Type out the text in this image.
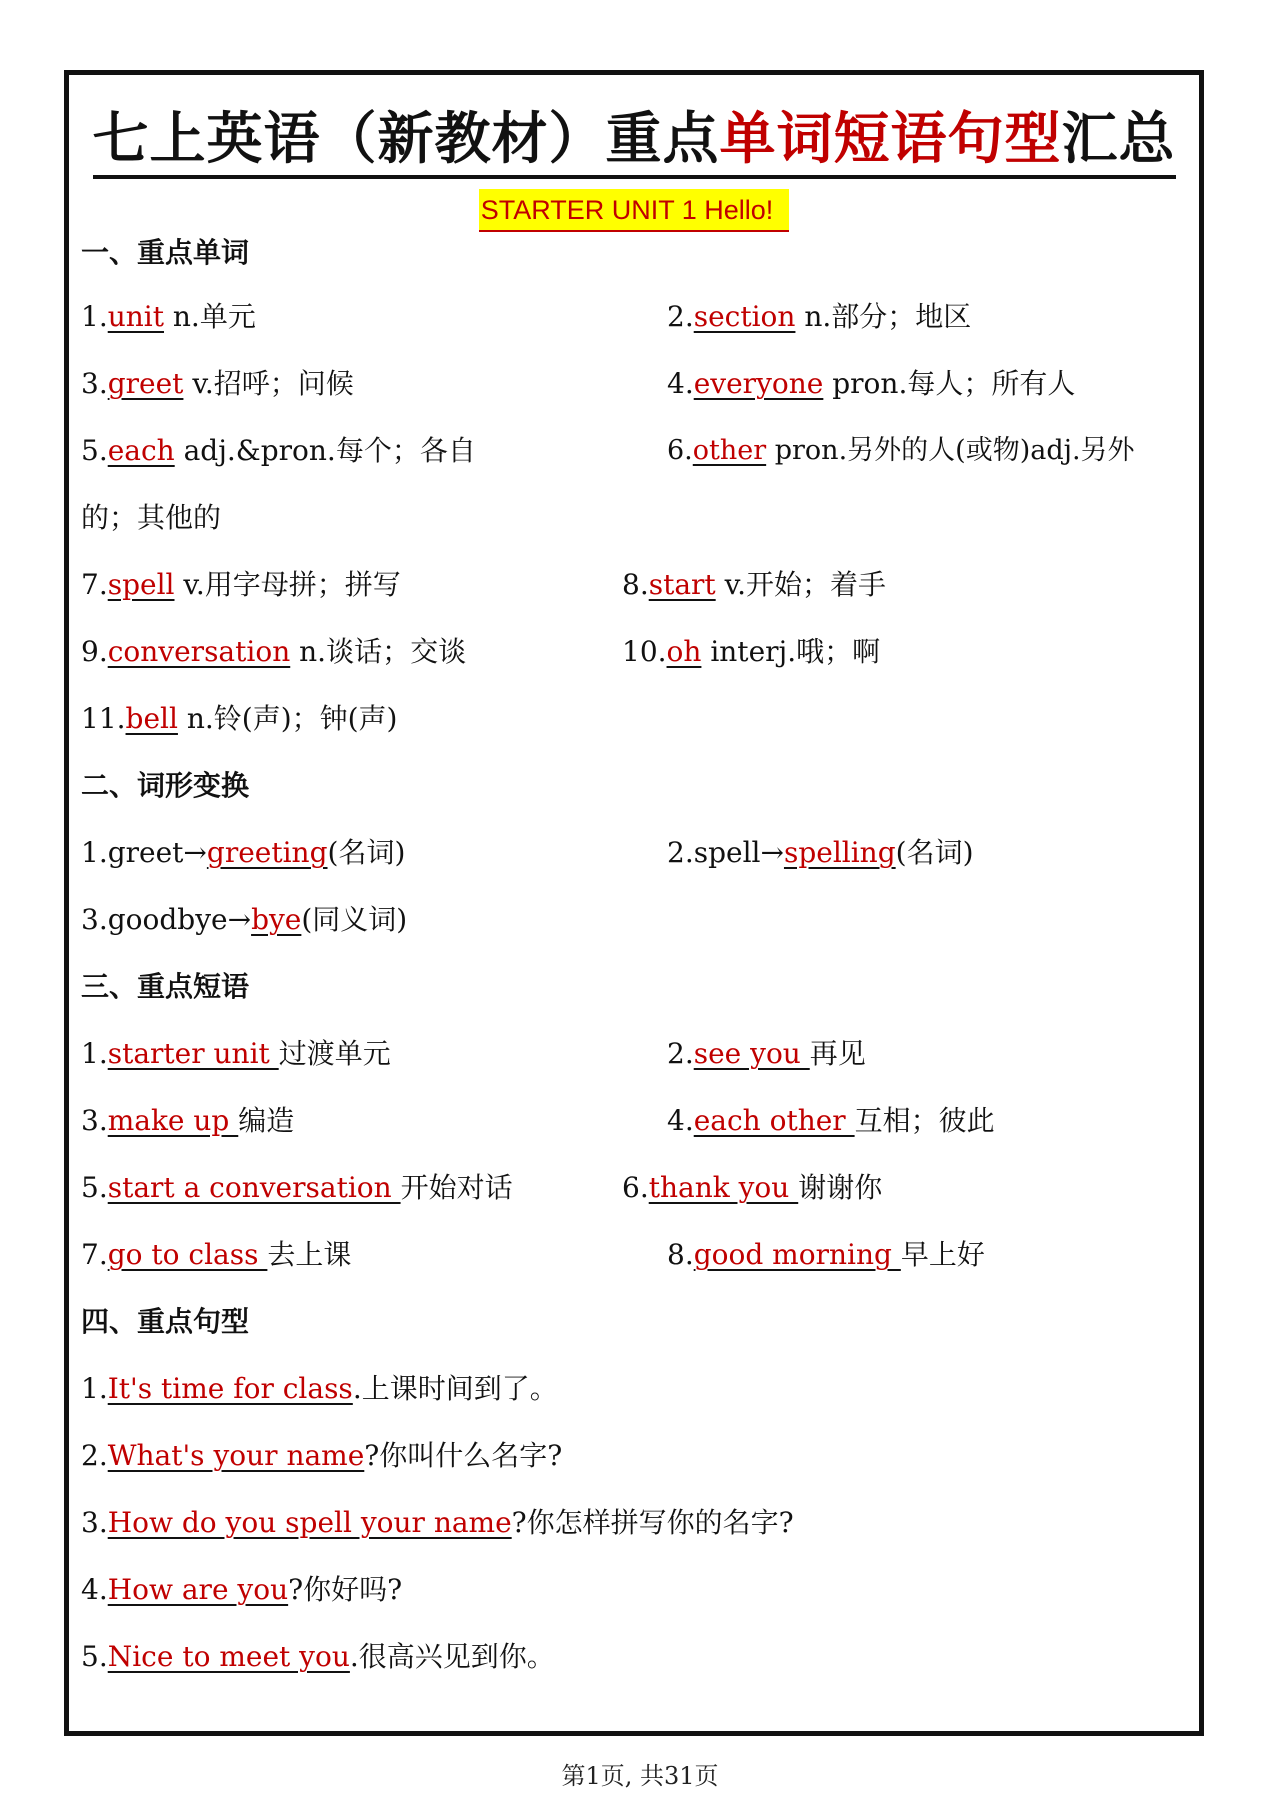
七上英语（新教材）重点单词短语句型汇总
STARTER UNIT 1 Hello!
一、重点单词
1.unit n.单元	2.section n.部分；地区
3.greet v.招呼；问候	4.everyone pron.每人；所有人
5.each adj.&pron.每个；各自	6.other pron.另外的人(或物)adj.另外
的；其他的
7.spell v.用字母拼；拼写	8.start v.开始；着手
9.conversation n.谈话；交谈	10.oh interj.哦；啊
11.bell n.铃(声)；钟(声)
二、词形变换
1.greet→greeting(名词)	2.spell→spelling(名词)
3.goodbye→bye(同义词)
三、重点短语
1.starter unit 过渡单元	2.see you 再见
3.make up 编造	4.each other 互相；彼此
5.start a conversation 开始对话	6.thank you 谢谢你
7.go to class 去上课	8.good morning 早上好
四、重点句型
1.It's time for class.上课时间到了。
2.What's your name?你叫什么名字?
3.How do you spell your name?你怎样拼写你的名字?
4.How are you?你好吗?
5.Nice to meet you.很高兴见到你。
第1页, 共31页
